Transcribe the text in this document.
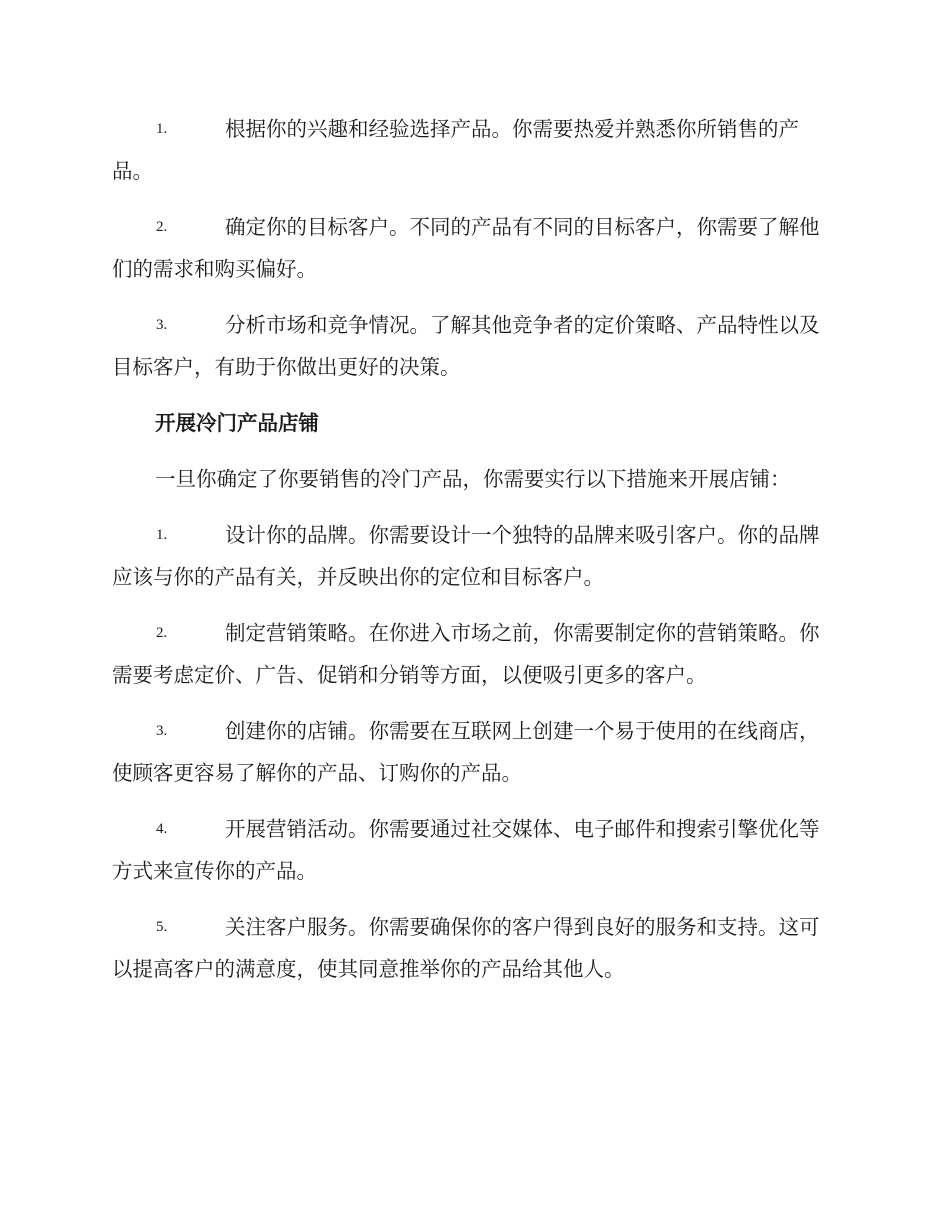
1.	根据你的兴趣和经验选择产品。你需要热爱并熟悉你所销售的产品。
2.	确定你的目标客户。不同的产品有不同的目标客户，你需要了解他们的需求和购买偏好。
3.	分析市场和竞争情况。了解其他竞争者的定价策略、产品特性以及目标客户，有助于你做出更好的决策。
开展冷门产品店铺
一旦你确定了你要销售的冷门产品，你需要实行以下措施来开展店铺：
1.	设计你的品牌。你需要设计一个独特的品牌来吸引客户。你的品牌应该与你的产品有关，并反映出你的定位和目标客户。
2.	制定营销策略。在你进入市场之前，你需要制定你的营销策略。你需要考虑定价、广告、促销和分销等方面，以便吸引更多的客户。
3.	创建你的店铺。你需要在互联网上创建一个易于使用的在线商店，使顾客更容易了解你的产品、订购你的产品。
4.	开展营销活动。你需要通过社交媒体、电子邮件和搜索引擎优化等方式来宣传你的产品。
5.	关注客户服务。你需要确保你的客户得到良好的服务和支持。这可以提高客户的满意度，使其同意推举你的产品给其他人。
